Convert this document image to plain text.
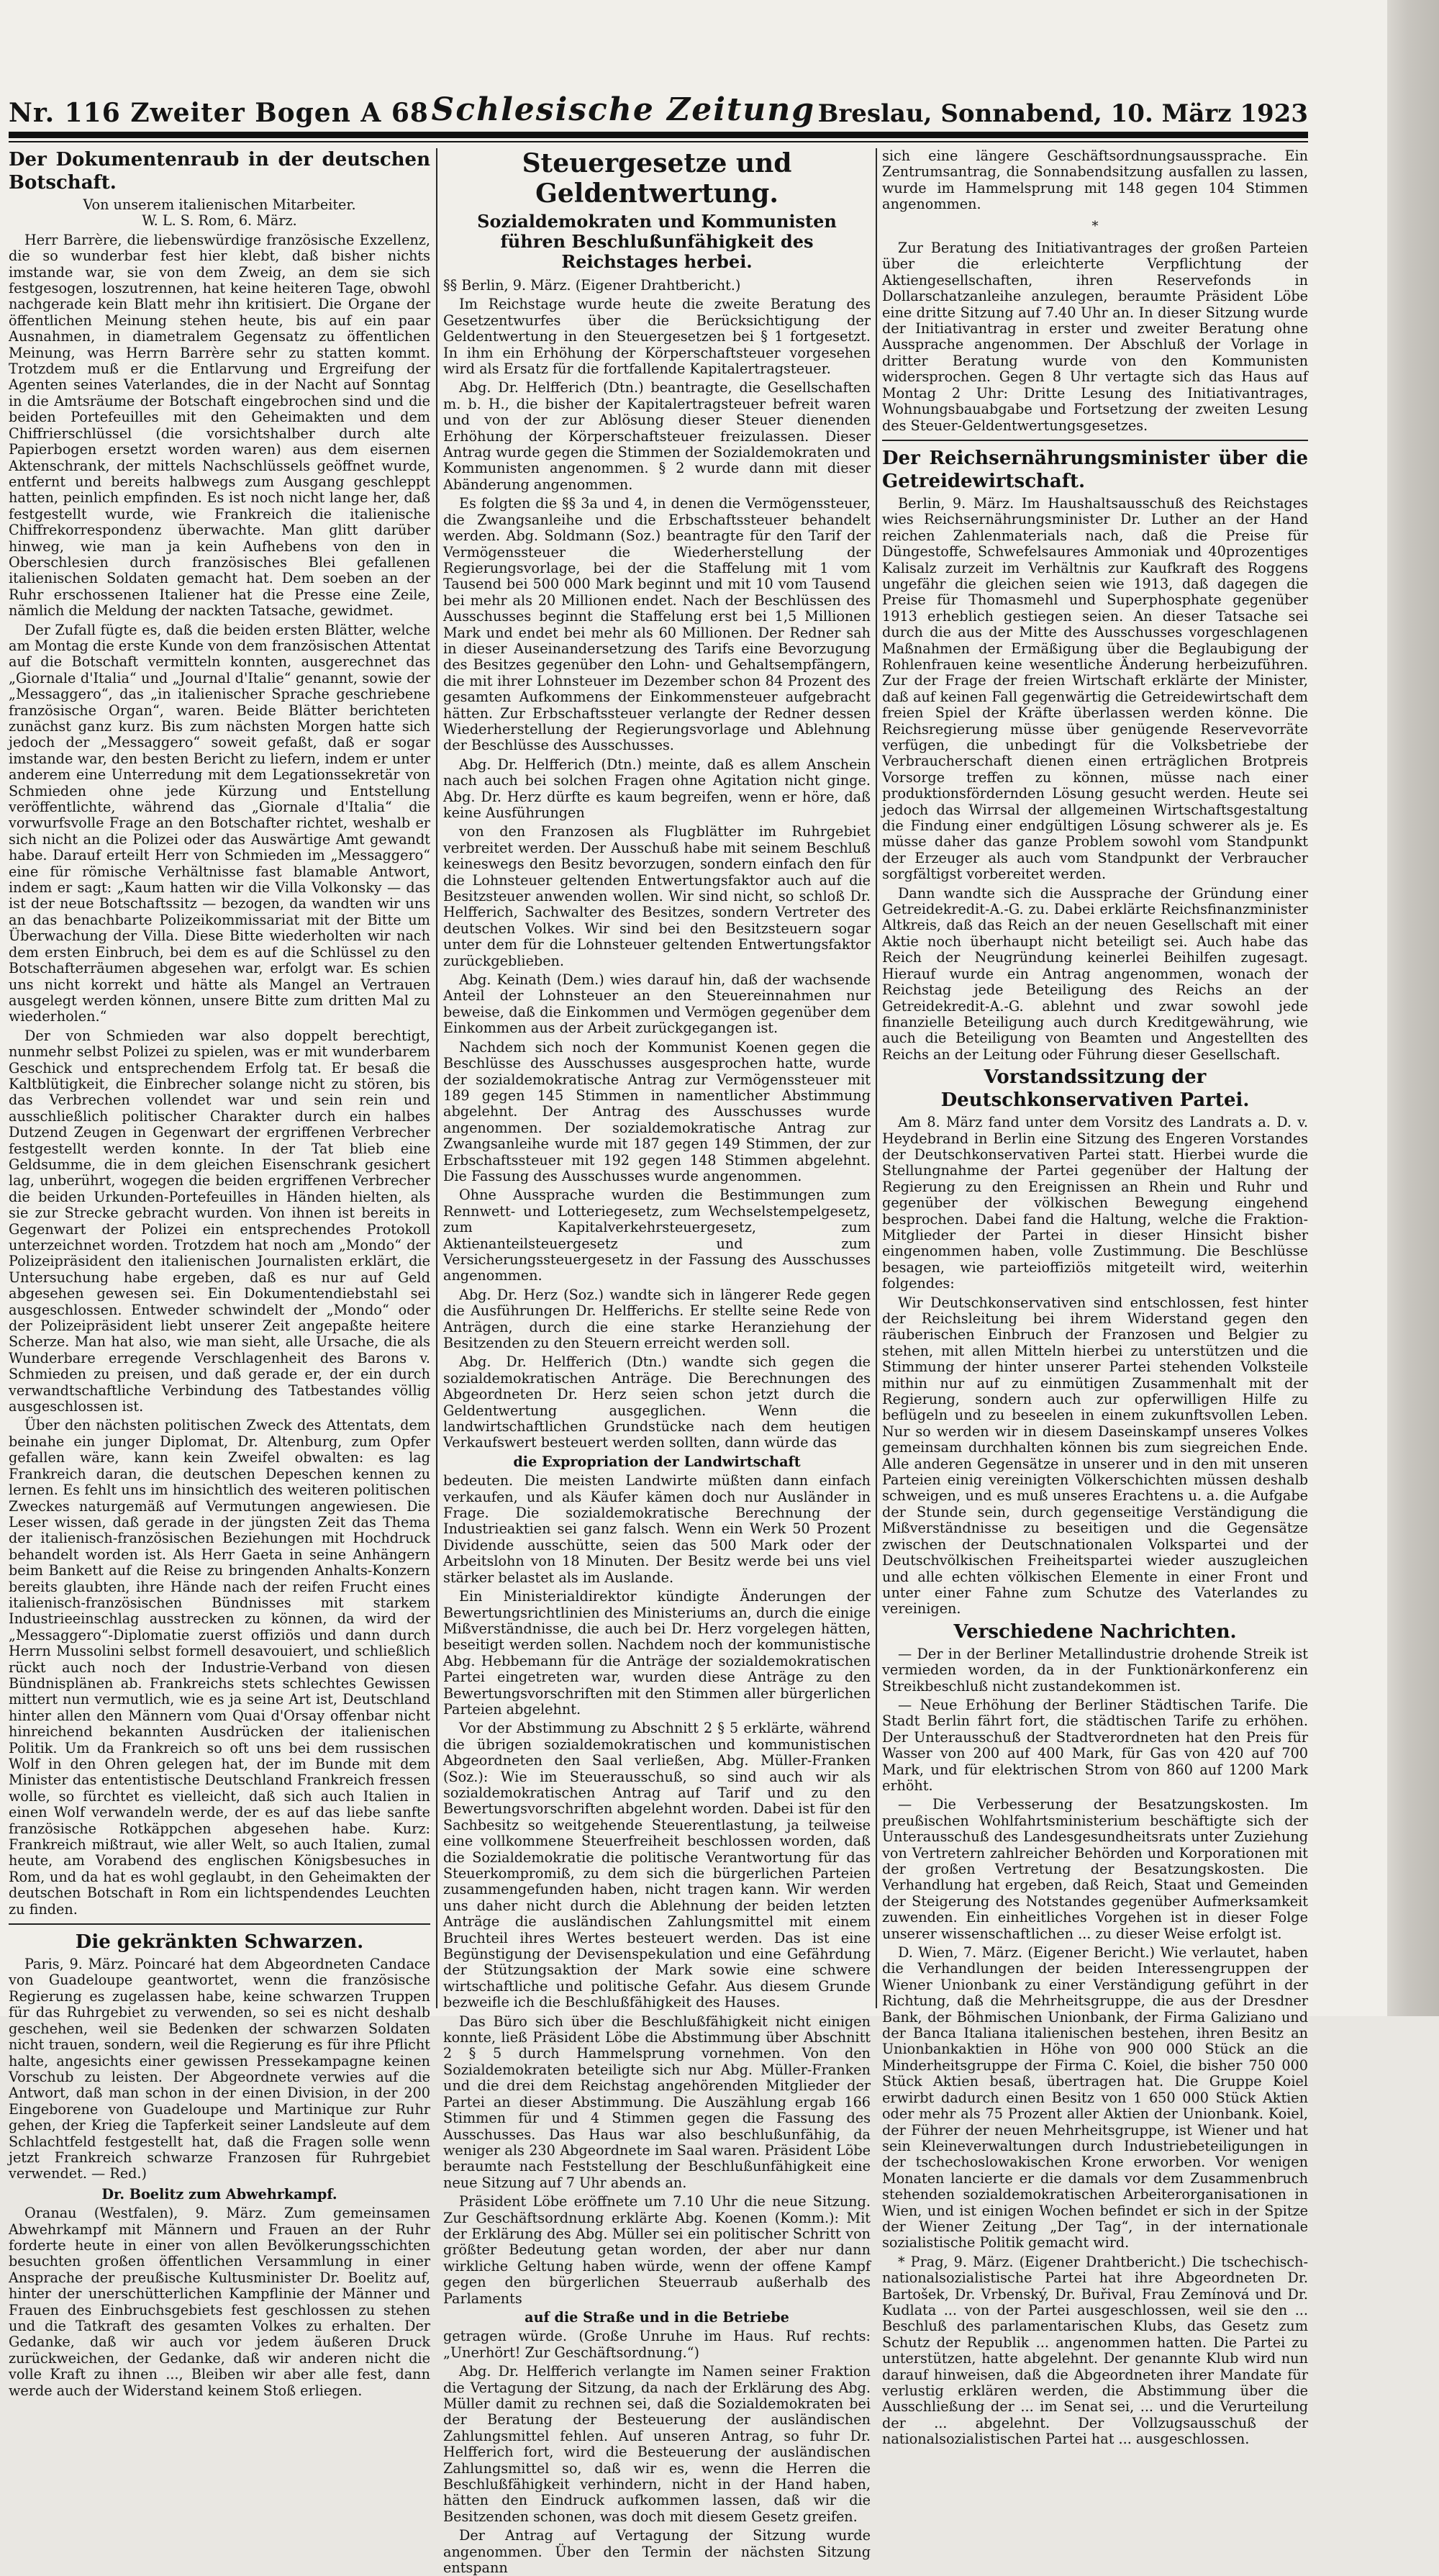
Nr. 116 Zweiter Bogen A 68 Schlesische Zeitung Breslau, Sonnabend, 10. März 1923
Der Dokumentenraub in der deutschen Botschaft.
Von unserem italienischen Mitarbeiter.
W. L. S. Rom, 6. März.

Herr Barrère, die liebenswürdige französische Exzellenz, die so wunderbar fest hier klebt, daß bisher nichts imstande war, sie von dem Zweig, an dem sie sich festgesogen, loszutrennen, hat keine heiteren Tage, obwohl nachgerade kein Blatt mehr ihn kritisiert. Die Organe der öffentlichen Meinung stehen heute, bis auf ein paar Ausnahmen, in diametralem Gegensatz zu öffentlichen Meinung, was Herrn Barrère sehr zu statten kommt. Trotzdem muß er die Entlarvung und Ergreifung der Agenten seines Vaterlandes, die in der Nacht auf Sonntag in die Amtsräume der Botschaft eingebrochen sind und die beiden Portefeuilles mit den Geheimakten und dem Chiffrierschlüssel (die vorsichtshalber durch alte Papierbogen ersetzt worden waren) aus dem eisernen Aktenschrank, der mittels Nachschlüssels geöffnet wurde, entfernt und bereits halbwegs zum Ausgang geschleppt hatten, peinlich empfinden. Es ist noch nicht lange her, daß festgestellt wurde, wie Frankreich die italienische Chiffrekorrespondenz überwachte. Man glitt darüber hinweg, wie man ja kein Aufhebens von den in Oberschlesien durch französisches Blei gefallenen italienischen Soldaten gemacht hat. Dem soeben an der Ruhr erschossenen Italiener hat die Presse eine Zeile, nämlich die Meldung der nackten Tatsache, gewidmet.

Der Zufall fügte es, daß die beiden ersten Blätter, welche am Montag die erste Kunde von dem französischen Attentat auf die Botschaft vermitteln konnten, ausgerechnet das „Giornale d'Italia“ und „Journal d'Italie“ genannt, sowie der „Messaggero“, das „in italienischer Sprache geschriebene französische Organ“, waren. Beide Blätter berichteten zunächst ganz kurz. Bis zum nächsten Morgen hatte sich jedoch der „Messaggero“ soweit gefaßt, daß er sogar imstande war, den besten Bericht zu liefern, indem er unter anderem eine Unterredung mit dem Legationssekretär von Schmieden ohne jede Kürzung und Entstellung veröffentlichte, während das „Giornale d'Italia“ die vorwurfsvolle Frage an den Botschafter richtet, weshalb er sich nicht an die Polizei oder das Auswärtige Amt gewandt habe. Darauf erteilt Herr von Schmieden im „Messaggero“ eine für römische Verhältnisse fast blamable Antwort, indem er sagt: „Kaum hatten wir die Villa Volkonsky — das ist der neue Botschaftssitz — bezogen, da wandten wir uns an das benachbarte Polizeikommissariat mit der Bitte um Überwachung der Villa. Diese Bitte wiederholten wir nach dem ersten Einbruch, bei dem es auf die Schlüssel zu den Botschafterräumen abgesehen war, erfolgt war. Es schien uns nicht korrekt und hätte als Mangel an Vertrauen ausgelegt werden können, unsere Bitte zum dritten Mal zu wiederholen.“

Der von Schmieden war also doppelt berechtigt, nunmehr selbst Polizei zu spielen, was er mit wunderbarem Geschick und entsprechendem Erfolg tat. Er besaß die Kaltblütigkeit, die Einbrecher solange nicht zu stören, bis das Verbrechen vollendet war und sein rein und ausschließlich politischer Charakter durch ein halbes Dutzend Zeugen in Gegenwart der ergriffenen Verbrecher festgestellt werden konnte. In der Tat blieb eine Geldsumme, die in dem gleichen Eisenschrank gesichert lag, unberührt, wogegen die beiden ergriffenen Verbrecher die beiden Urkunden-Portefeuilles in Händen hielten, als sie zur Strecke gebracht wurden. Von ihnen ist bereits in Gegenwart der Polizei ein entsprechendes Protokoll unterzeichnet worden. Trotzdem hat noch am „Mondo“ der Polizeipräsident den italienischen Journalisten erklärt, die Untersuchung habe ergeben, daß es nur auf Geld abgesehen gewesen sei. Ein Dokumentendiebstahl sei ausgeschlossen. Entweder schwindelt der „Mondo“ oder der Polizeipräsident liebt unserer Zeit angepaßte heitere Scherze. Man hat also, wie man sieht, alle Ursache, die als Wunderbare erregende Verschlagenheit des Barons v. Schmieden zu preisen, und daß gerade er, der ein durch verwandtschaftliche Verbindung des Tatbestandes völlig ausgeschlossen ist.

Über den nächsten politischen Zweck des Attentats, dem beinahe ein junger Diplomat, Dr. Altenburg, zum Opfer gefallen wäre, kann kein Zweifel obwalten: es lag Frankreich daran, die deutschen Depeschen kennen zu lernen. Es fehlt uns im hinsichtlich des weiteren politischen Zweckes naturgemäß auf Vermutungen angewiesen. Die Leser wissen, daß gerade in der jüngsten Zeit das Thema der italienisch-französischen Beziehungen mit Hochdruck behandelt worden ist. Als Herr Gaeta in seine Anhängern beim Bankett auf die Reise zu bringenden Anhalts-Konzern bereits glaubten, ihre Hände nach der reifen Frucht eines italienisch-französischen Bündnisses mit starkem Industrieeinschlag ausstrecken zu können, da wird der „Messaggero“-Diplomatie zuerst offiziös und dann durch Herrn Mussolini selbst formell desavouiert, und schließlich rückt auch noch der Industrie-Verband von diesen Bündnisplänen ab. Frankreichs stets schlechtes Gewissen mittert nun vermutlich, wie es ja seine Art ist, Deutschland hinter allen den Männern vom Quai d'Orsay offenbar nicht hinreichend bekannten Ausdrücken der italienischen Politik. Um da Frankreich so oft uns bei dem russischen Wolf in den Ohren gelegen hat, der im Bunde mit dem Minister das ententistische Deutschland Frankreich fressen wolle, so fürchtet es vielleicht, daß sich auch Italien in einen Wolf verwandeln werde, der es auf das liebe sanfte französische Rotkäppchen abgesehen habe. Kurz: Frankreich mißtraut, wie aller Welt, so auch Italien, zumal heute, am Vorabend des englischen Königsbesuches in Rom, und da hat es wohl geglaubt, in den Geheimakten der deutschen Botschaft in Rom ein lichtspendendes Leuchten zu finden.

Die gekränkten Schwarzen.

Paris, 9. März. Poincaré hat dem Abgeordneten Candace von Guadeloupe geantwortet, wenn die französische Regierung es zugelassen habe, keine schwarzen Truppen für das Ruhrgebiet zu verwenden, so sei es nicht deshalb geschehen, weil sie Bedenken der schwarzen Soldaten nicht trauen, sondern, weil die Regierung es für ihre Pflicht halte, angesichts einer gewissen Pressekampagne keinen Vorschub zu leisten. Der Abgeordnete verwies auf die Antwort, daß man schon in der einen Division, in der 200 Eingeborene von Guadeloupe und Martinique zur Ruhr gehen, der Krieg die Tapferkeit seiner Landsleute auf dem Schlachtfeld festgestellt hat, daß die Fragen solle wenn jetzt Frankreich schwarze Franzosen für Ruhrgebiet verwendet. — Red.)

Dr. Boelitz zum Abwehrkampf.

Oranau (Westfalen), 9. März. Zum gemeinsamen Abwehrkampf mit Männern und Frauen an der Ruhr forderte heute in einer von allen Bevölkerungsschichten besuchten großen öffentlichen Versammlung in einer Ansprache der preußische Kultusminister Dr. Boelitz auf, hinter der unerschütterlichen Kampflinie der Männer und Frauen des Einbruchsgebiets fest geschlossen zu stehen und die Tatkraft des gesamten Volkes zu erhalten. Der Gedanke, daß wir auch vor jedem äußeren Druck zurückweichen, der Gedanke, daß wir anderen nicht die volle Kraft zu ihnen ..., Bleiben wir aber alle fest, dann werde auch der Widerstand keinem Stoß erliegen.

Steuergesetze und Geldentwertung.
Sozialdemokraten und Kommunisten führen Beschlußunfähigkeit des Reichstages herbei.

§§ Berlin, 9. März. (Eigener Drahtbericht.)

Im Reichstage wurde heute die zweite Beratung des Gesetzentwurfes über die Berücksichtigung der Geldentwertung in den Steuergesetzen bei § 1 fortgesetzt. In ihm ein Erhöhung der Körperschaftsteuer vorgesehen wird als Ersatz für die fortfallende Kapitalertragsteuer.

Abg. Dr. Helfferich (Dtn.) beantragte, die Gesellschaften m. b. H., die bisher der Kapitalertragsteuer befreit waren und von der zur Ablösung dieser Steuer dienenden Erhöhung der Körperschaftsteuer freizulassen. Dieser Antrag wurde gegen die Stimmen der Sozialdemokraten und Kommunisten angenommen. § 2 wurde dann mit dieser Abänderung angenommen.

Es folgten die §§ 3a und 4, in denen die Vermögenssteuer, die Zwangsanleihe und die Erbschaftssteuer behandelt werden. Abg. Soldmann (Soz.) beantragte für den Tarif der Vermögenssteuer die Wiederherstellung der Regierungsvorlage, bei der die Staffelung mit 1 vom Tausend bei 500 000 Mark beginnt und mit 10 vom Tausend bei mehr als 20 Millionen endet. Nach der Beschlüssen des Ausschusses beginnt die Staffelung erst bei 1,5 Millionen Mark und endet bei mehr als 60 Millionen. Der Redner sah in dieser Auseinandersetzung des Tarifs eine Bevorzugung des Besitzes gegenüber den Lohn- und Gehaltsempfängern, die mit ihrer Lohnsteuer im Dezember schon 84 Prozent des gesamten Aufkommens der Einkommensteuer aufgebracht hätten. Zur Erbschaftssteuer verlangte der Redner dessen Wiederherstellung der Regierungsvorlage und Ablehnung der Beschlüsse des Ausschusses.

Abg. Dr. Helfferich (Dtn.) meinte, daß es allem Anschein nach auch bei solchen Fragen ohne Agitation nicht ginge. Abg. Dr. Herz dürfte es kaum begreifen, wenn er höre, daß keine Ausführungen

von den Franzosen als Flugblätter im Ruhrgebiet verbreitet werden. Der Ausschuß habe mit seinem Beschluß keineswegs den Besitz bevorzugen, sondern einfach den für die Lohnsteuer geltenden Entwertungsfaktor auch auf die Besitzsteuer anwenden wollen. Wir sind nicht, so schloß Dr. Helfferich, Sachwalter des Besitzes, sondern Vertreter des deutschen Volkes. Wir sind bei den Besitzsteuern sogar unter dem für die Lohnsteuer geltenden Entwertungsfaktor zurückgeblieben.

Abg. Keinath (Dem.) wies darauf hin, daß der wachsende Anteil der Lohnsteuer an den Steuereinnahmen nur beweise, daß die Einkommen und Vermögen gegenüber dem Einkommen aus der Arbeit zurückgegangen ist.

Nachdem sich noch der Kommunist Koenen gegen die Beschlüsse des Ausschusses ausgesprochen hatte, wurde der sozialdemokratische Antrag zur Vermögenssteuer mit 189 gegen 145 Stimmen in namentlicher Abstimmung abgelehnt. Der Antrag des Ausschusses wurde angenommen. Der sozialdemokratische Antrag zur Zwangsanleihe wurde mit 187 gegen 149 Stimmen, der zur Erbschaftssteuer mit 192 gegen 148 Stimmen abgelehnt. Die Fassung des Ausschusses wurde angenommen.

Ohne Aussprache wurden die Bestimmungen zum Rennwett- und Lotteriegesetz, zum Wechselstempelgesetz, zum Kapitalverkehrsteuergesetz, zum Aktienanteilsteuergesetz und zum Versicherungssteuergesetz in der Fassung des Ausschusses angenommen.

Abg. Dr. Herz (Soz.) wandte sich in längerer Rede gegen die Ausführungen Dr. Helfferichs. Er stellte seine Rede von Anträgen, durch die eine starke Heranziehung der Besitzenden zu den Steuern erreicht werden soll.

Abg. Dr. Helfferich (Dtn.) wandte sich gegen die sozialdemokratischen Anträge. Die Berechnungen des Abgeordneten Dr. Herz seien schon jetzt durch die Geldentwertung ausgeglichen. Wenn die landwirtschaftlichen Grundstücke nach dem heutigen Verkaufswert besteuert werden sollten, dann würde das

die Expropriation der Landwirtschaft

bedeuten. Die meisten Landwirte müßten dann einfach verkaufen, und als Käufer kämen doch nur Ausländer in Frage. Die sozialdemokratische Berechnung der Industrieaktien sei ganz falsch. Wenn ein Werk 50 Prozent Dividende ausschütte, seien das 500 Mark oder der Arbeitslohn von 18 Minuten. Der Besitz werde bei uns viel stärker belastet als im Auslande.

Ein Ministerialdirektor kündigte Änderungen der Bewertungsrichtlinien des Ministeriums an, durch die einige Mißverständnisse, die auch bei Dr. Herz vorgelegen hätten, beseitigt werden sollen. Nachdem noch der kommunistische Abg. Hebbemann für die Anträge der sozialdemokratischen Partei eingetreten war, wurden diese Anträge zu den Bewertungsvorschriften mit den Stimmen aller bürgerlichen Parteien abgelehnt.

Vor der Abstimmung zu Abschnitt 2 § 5 erklärte, während die übrigen sozialdemokratischen und kommunistischen Abgeordneten den Saal verließen, Abg. Müller-Franken (Soz.): Wie im Steuerausschuß, so sind auch wir als sozialdemokratischen Antrag auf Tarif und zu den Bewertungsvorschriften abgelehnt worden. Dabei ist für den Sachbesitz so weitgehende Steuerentlastung, ja teilweise eine vollkommene Steuerfreiheit beschlossen worden, daß die Sozialdemokratie die politische Verantwortung für das Steuerkompromiß, zu dem sich die bürgerlichen Parteien zusammengefunden haben, nicht tragen kann. Wir werden uns daher nicht durch die Ablehnung der beiden letzten Anträge die ausländischen Zahlungsmittel mit einem Bruchteil ihres Wertes besteuert werden. Das ist eine Begünstigung der Devisenspekulation und eine Gefährdung der Stützungsaktion der Mark sowie eine schwere wirtschaftliche und politische Gefahr. Aus diesem Grunde bezweifle ich die Beschlußfähigkeit des Hauses.

Das Büro sich über die Beschlußfähigkeit nicht einigen konnte, ließ Präsident Löbe die Abstimmung über Abschnitt 2 § 5 durch Hammelsprung vornehmen. Von den Sozialdemokraten beteiligte sich nur Abg. Müller-Franken und die drei dem Reichstag angehörenden Mitglieder der Partei an dieser Abstimmung. Die Auszählung ergab 166 Stimmen für und 4 Stimmen gegen die Fassung des Ausschusses. Das Haus war also beschlußunfähig, da weniger als 230 Abgeordnete im Saal waren. Präsident Löbe beraumte nach Feststellung der Beschlußunfähigkeit eine neue Sitzung auf 7 Uhr abends an.

Präsident Löbe eröffnete um 7.10 Uhr die neue Sitzung. Zur Geschäftsordnung erklärte Abg. Koenen (Komm.): Mit der Erklärung des Abg. Müller sei ein politischer Schritt von größter Bedeutung getan worden, der aber nur dann wirkliche Geltung haben würde, wenn der offene Kampf gegen den bürgerlichen Steuerraub außerhalb des Parlaments

auf die Straße und in die Betriebe

getragen würde. (Große Unruhe im Haus. Ruf rechts: „Unerhört! Zur Geschäftsordnung.“)

Abg. Dr. Helfferich verlangte im Namen seiner Fraktion die Vertagung der Sitzung, da nach der Erklärung des Abg. Müller damit zu rechnen sei, daß die Sozialdemokraten bei der Beratung der Besteuerung der ausländischen Zahlungsmittel fehlen. Auf unseren Antrag, so fuhr Dr. Helfferich fort, wird die Besteuerung der ausländischen Zahlungsmittel so, daß wir es, wenn die Herren die Beschlußfähigkeit verhindern, nicht in der Hand haben, hätten den Eindruck aufkommen lassen, daß wir die Besitzenden schonen, was doch mit diesem Gesetz greifen.

Der Antrag auf Vertagung der Sitzung wurde angenommen. Über den Termin der nächsten Sitzung entspann

sich eine längere Geschäftsordnungsaussprache. Ein Zentrumsantrag, die Sonnabendsitzung ausfallen zu lassen, wurde im Hammelsprung mit 148 gegen 104 Stimmen angenommen.

*

Zur Beratung des Initiativantrages der großen Parteien über die erleichterte Verpflichtung der Aktiengesellschaften, ihren Reservefonds in Dollarschatzanleihe anzulegen, beraumte Präsident Löbe eine dritte Sitzung auf 7.40 Uhr an. In dieser Sitzung wurde der Initiativantrag in erster und zweiter Beratung ohne Aussprache angenommen. Der Abschluß der Vorlage in dritter Beratung wurde von den Kommunisten widersprochen. Gegen 8 Uhr vertagte sich das Haus auf Montag 2 Uhr: Dritte Lesung des Initiativantrages, Wohnungsbauabgabe und Fortsetzung der zweiten Lesung des Steuer-Geldentwertungsgesetzes.

Der Reichsernährungsminister über die Getreidewirtschaft.

Berlin, 9. März. Im Haushaltsausschuß des Reichstages wies Reichsernährungsminister Dr. Luther an der Hand reichen Zahlenmaterials nach, daß die Preise für Düngestoffe, Schwefelsaures Ammoniak und 40prozentiges Kalisalz zurzeit im Verhältnis zur Kaufkraft des Roggens ungefähr die gleichen seien wie 1913, daß dagegen die Preise für Thomasmehl und Superphosphate gegenüber 1913 erheblich gestiegen seien. An dieser Tatsache sei durch die aus der Mitte des Ausschusses vorgeschlagenen Maßnahmen der Ermäßigung über die Beglaubigung der Rohlenfrauen keine wesentliche Änderung herbeizuführen. Zur der Frage der freien Wirtschaft erklärte der Minister, daß auf keinen Fall gegenwärtig die Getreidewirtschaft dem freien Spiel der Kräfte überlassen werden könne. Die Reichsregierung müsse über genügende Reservevorräte verfügen, die unbedingt für die Volksbetriebe der Verbraucherschaft dienen einen erträglichen Brotpreis Vorsorge treffen zu können, müsse nach einer produktionsfördernden Lösung gesucht werden. Heute sei jedoch das Wirrsal der allgemeinen Wirtschaftsgestaltung die Findung einer endgültigen Lösung schwerer als je. Es müsse daher das ganze Problem sowohl vom Standpunkt der Erzeuger als auch vom Standpunkt der Verbraucher sorgfältigst vorbereitet werden.

Dann wandte sich die Aussprache der Gründung einer Getreidekredit-A.-G. zu. Dabei erklärte Reichsfinanzminister Altkreis, daß das Reich an der neuen Gesellschaft mit einer Aktie noch überhaupt nicht beteiligt sei. Auch habe das Reich der Neugründung keinerlei Beihilfen zugesagt. Hierauf wurde ein Antrag angenommen, wonach der Reichstag jede Beteiligung des Reichs an der Getreidekredit-A.-G. ablehnt und zwar sowohl jede finanzielle Beteiligung auch durch Kreditgewährung, wie auch die Beteiligung von Beamten und Angestellten des Reichs an der Leitung oder Führung dieser Gesellschaft.

Vorstandssitzung der Deutschkonservativen Partei.

Am 8. März fand unter dem Vorsitz des Landrats a. D. v. Heydebrand in Berlin eine Sitzung des Engeren Vorstandes der Deutschkonservativen Partei statt. Hierbei wurde die Stellungnahme der Partei gegenüber der Haltung der Regierung zu den Ereignissen an Rhein und Ruhr und gegenüber der völkischen Bewegung eingehend besprochen. Dabei fand die Haltung, welche die Fraktion-Mitglieder der Partei in dieser Hinsicht bisher eingenommen haben, volle Zustimmung. Die Beschlüsse besagen, wie parteioffiziös mitgeteilt wird, weiterhin folgendes:

Wir Deutschkonservativen sind entschlossen, fest hinter der Reichsleitung bei ihrem Widerstand gegen den räuberischen Einbruch der Franzosen und Belgier zu stehen, mit allen Mitteln hierbei zu unterstützen und die Stimmung der hinter unserer Partei stehenden Volksteile mithin nur auf zu einmütigen Zusammenhalt mit der Regierung, sondern auch zur opferwilligen Hilfe zu beflügeln und zu beseelen in einem zukunftsvollen Leben. Nur so werden wir in diesem Daseinskampf unseres Volkes gemeinsam durchhalten können bis zum siegreichen Ende. Alle anderen Gegensätze in unserer und in den mit unseren Parteien einig vereinigten Völkerschichten müssen deshalb schweigen, und es muß unseres Erachtens u. a. die Aufgabe der Stunde sein, durch gegenseitige Verständigung die Mißverständnisse zu beseitigen und die Gegensätze zwischen der Deutschnationalen Volkspartei und der Deutschvölkischen Freiheitspartei wieder auszugleichen und alle echten völkischen Elemente in einer Front und unter einer Fahne zum Schutze des Vaterlandes zu vereinigen.

Verschiedene Nachrichten.

— Der in der Berliner Metallindustrie drohende Streik ist vermieden worden, da in der Funktionärkonferenz ein Streikbeschluß nicht zustandekommen ist.

— Neue Erhöhung der Berliner Städtischen Tarife. Die Stadt Berlin fährt fort, die städtischen Tarife zu erhöhen. Der Unterausschuß der Stadtverordneten hat den Preis für Wasser von 200 auf 400 Mark, für Gas von 420 auf 700 Mark, und für elektrischen Strom von 860 auf 1200 Mark erhöht.

— Die Verbesserung der Besatzungskosten. Im preußischen Wohlfahrtsministerium beschäftigte sich der Unterausschuß des Landesgesundheitsrats unter Zuziehung von Vertretern zahlreicher Behörden und Korporationen mit der großen Vertretung der Besatzungskosten. Die Verhandlung hat ergeben, daß Reich, Staat und Gemeinden der Steigerung des Notstandes gegenüber Aufmerksamkeit zuwenden. Ein einheitliches Vorgehen ist in dieser Folge unserer wissenschaftlichen ... zu dieser Weise erfolgt ist.

D. Wien, 7. März. (Eigener Bericht.) Wie verlautet, haben die Verhandlungen der beiden Interessengruppen der Wiener Unionbank zu einer Verständigung geführt in der Richtung, daß die Mehrheitsgruppe, die aus der Dresdner Bank, der Böhmischen Unionbank, der Firma Galiziano und der Banca Italiana italienischen bestehen, ihren Besitz an Unionbankaktien in Höhe von 900 000 Stück an die Minderheitsgruppe der Firma C. Koiel, die bisher 750 000 Stück Aktien besaß, übertragen hat. Die Gruppe Koiel erwirbt dadurch einen Besitz von 1 650 000 Stück Aktien oder mehr als 75 Prozent aller Aktien der Unionbank. Koiel, der Führer der neuen Mehrheitsgruppe, ist Wiener und hat sein Kleineverwaltungen durch Industriebeteiligungen in der tschechoslowakischen Krone erworben. Vor wenigen Monaten lancierte er die damals vor dem Zusammenbruch stehenden sozialdemokratischen Arbeiterorganisationen in Wien, und ist einigen Wochen befindet er sich in der Spitze der Wiener Zeitung „Der Tag“, in der internationale sozialistische Politik gemacht wird.

* Prag, 9. März. (Eigener Drahtbericht.) Die tschechisch-nationalsozialistische Partei hat ihre Abgeordneten Dr. Bartošek, Dr. Vrbenský, Dr. Buřival, Frau Zemínová und Dr. Kudlata ... von der Partei ausgeschlossen, weil sie den ... Beschluß des parlamentarischen Klubs, das Gesetz zum Schutz der Republik ... angenommen hatten. Die Partei zu unterstützen, hatte abgelehnt. Der genannte Klub wird nun darauf hinweisen, daß die Abgeordneten ihrer Mandate für verlustig erklären werden, die Abstimmung über die Ausschließung der ... im Senat sei, ... und die Verurteilung der ... abgelehnt. Der Vollzugsausschuß der nationalsozialistischen Partei hat ... ausgeschlossen.
